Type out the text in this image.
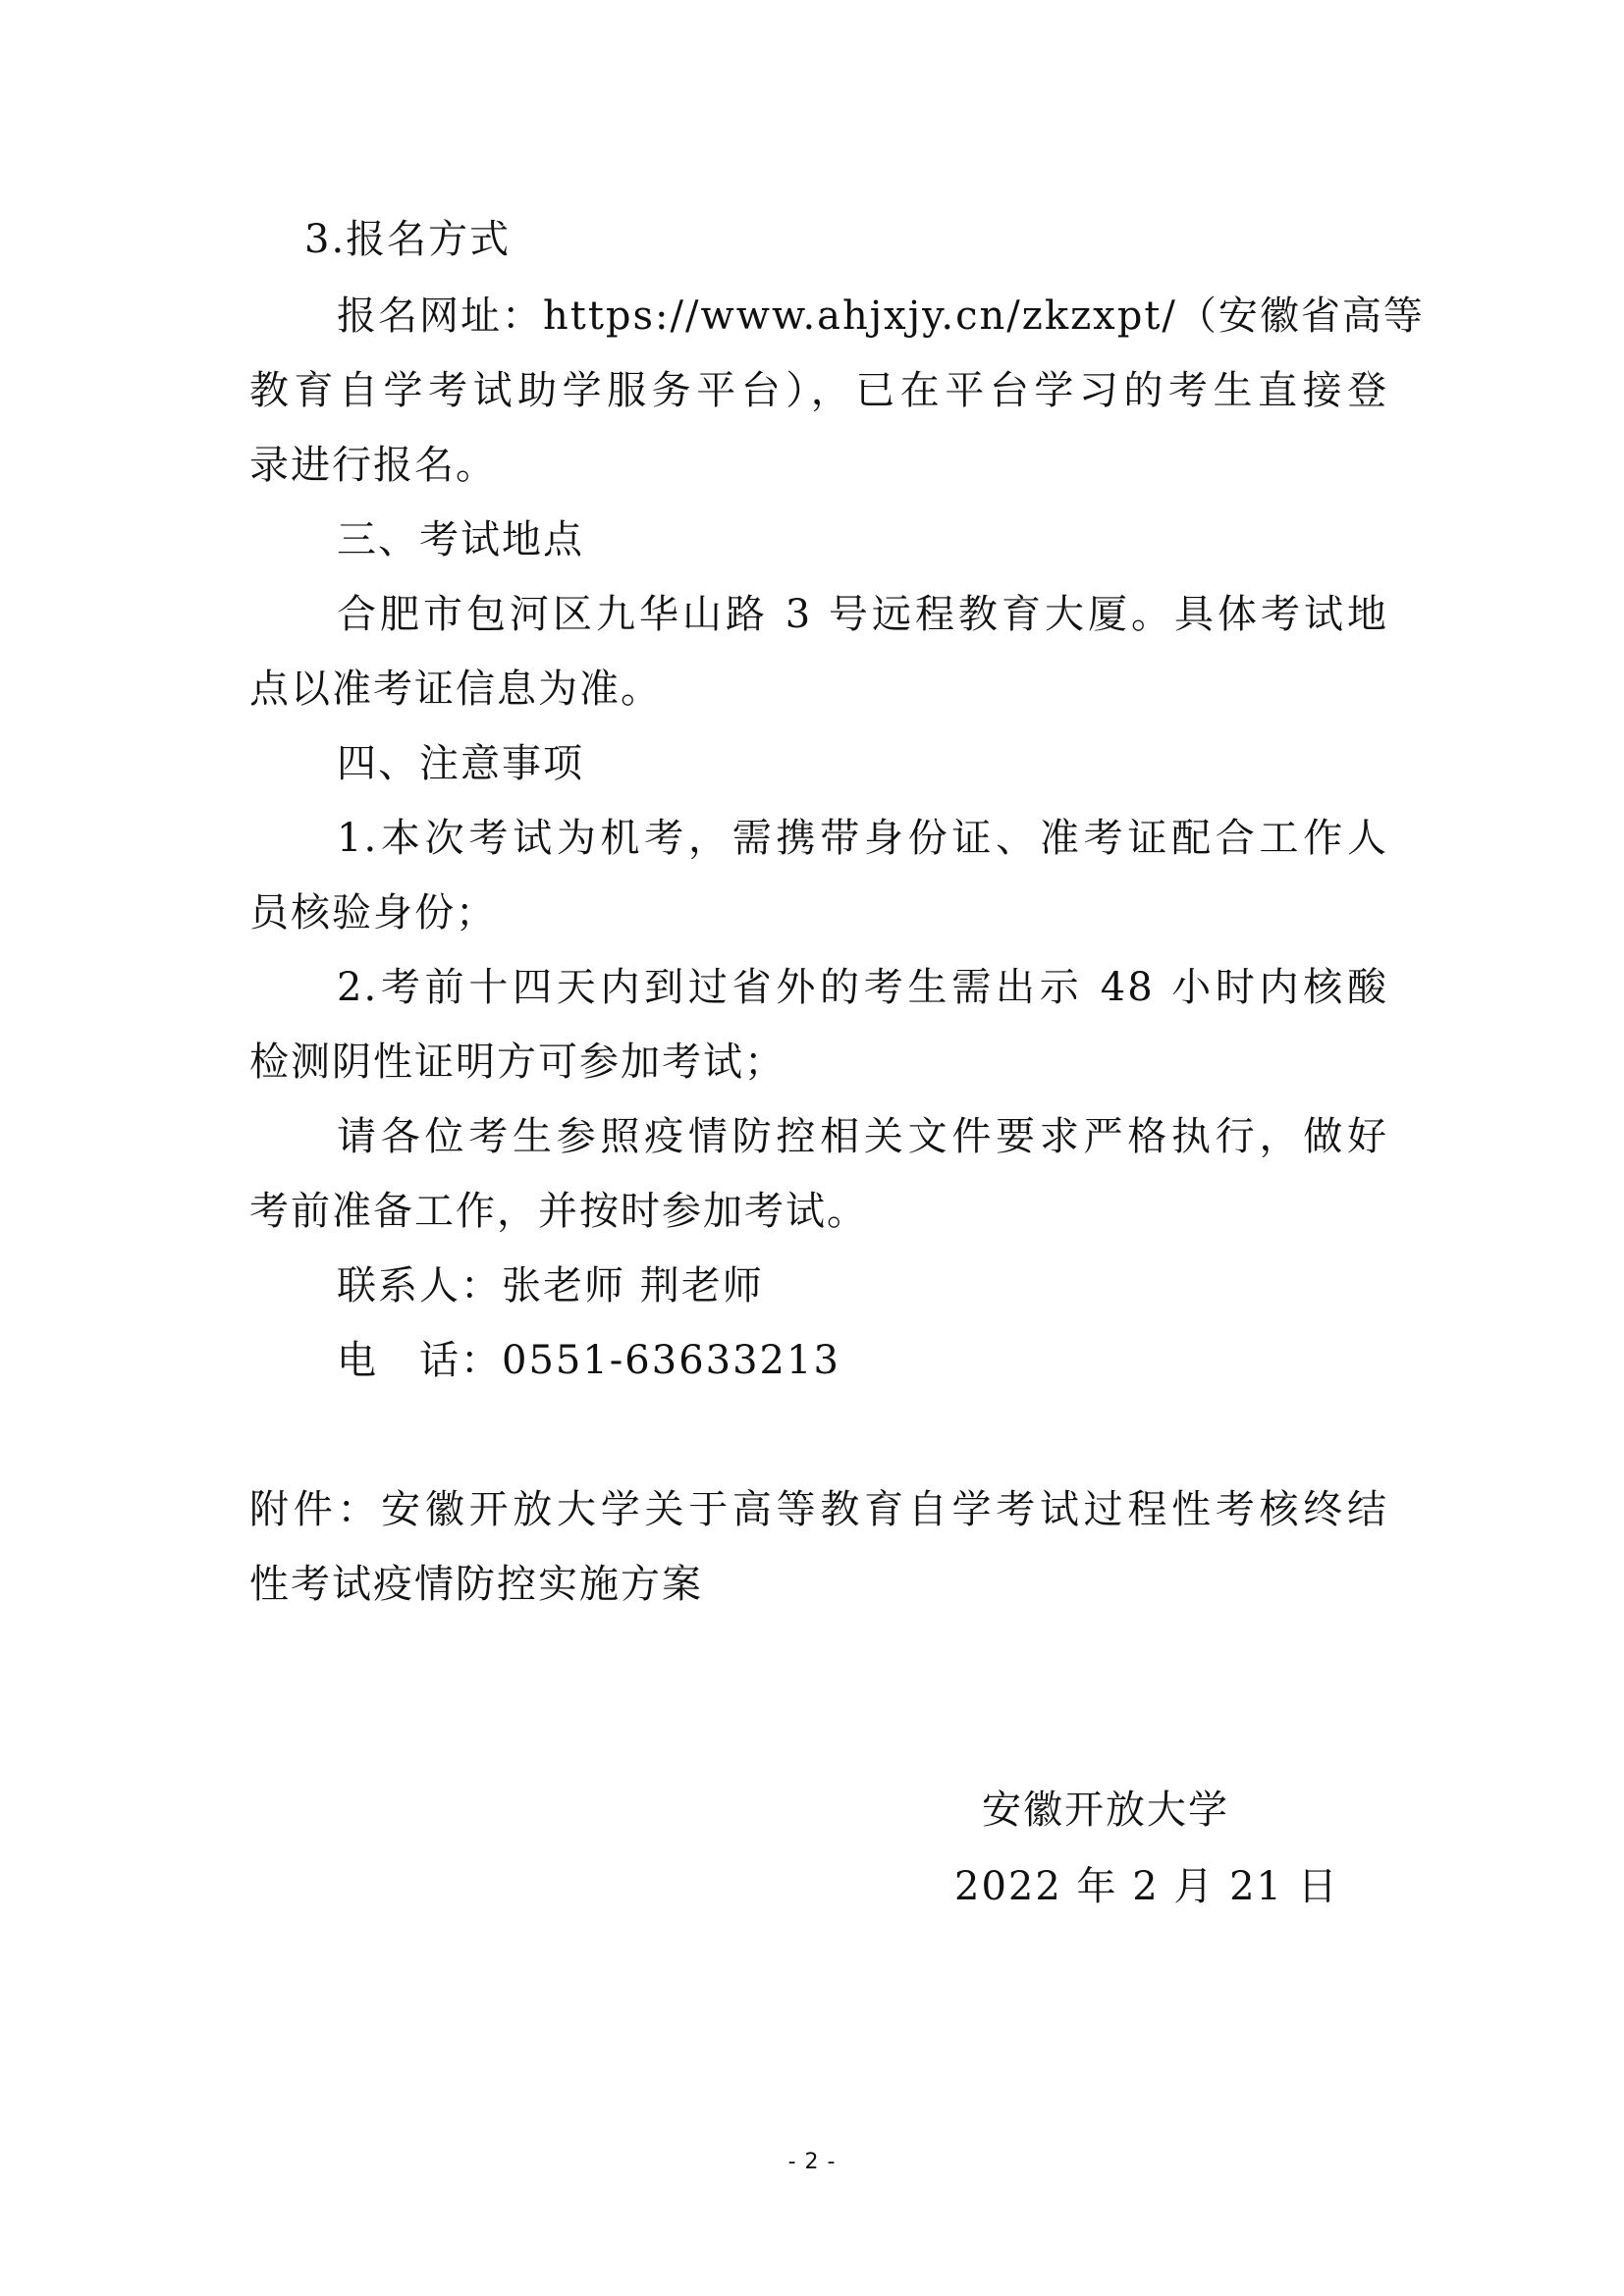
3.报名方式
报名网址：https://www.ahjxjy.cn/zkzxpt/（安徽省高等
教育自学考试助学服务平台），已在平台学习的考生直接登
录进行报名。
三、考试地点
合肥市包河区九华山路 3 号远程教育大厦。具体考试地
点以准考证信息为准。
四、注意事项
1.本次考试为机考，需携带身份证、准考证配合工作人
员核验身份；
2.考前十四天内到过省外的考生需出示 48 小时内核酸
检测阴性证明方可参加考试；
请各位考生参照疫情防控相关文件要求严格执行，做好
考前准备工作，并按时参加考试。
联系人：张老师 荆老师
电　话：0551-63633213
附件：安徽开放大学关于高等教育自学考试过程性考核终结
性考试疫情防控实施方案
安徽开放大学
2022 年 2 月 21 日
- 2 -
